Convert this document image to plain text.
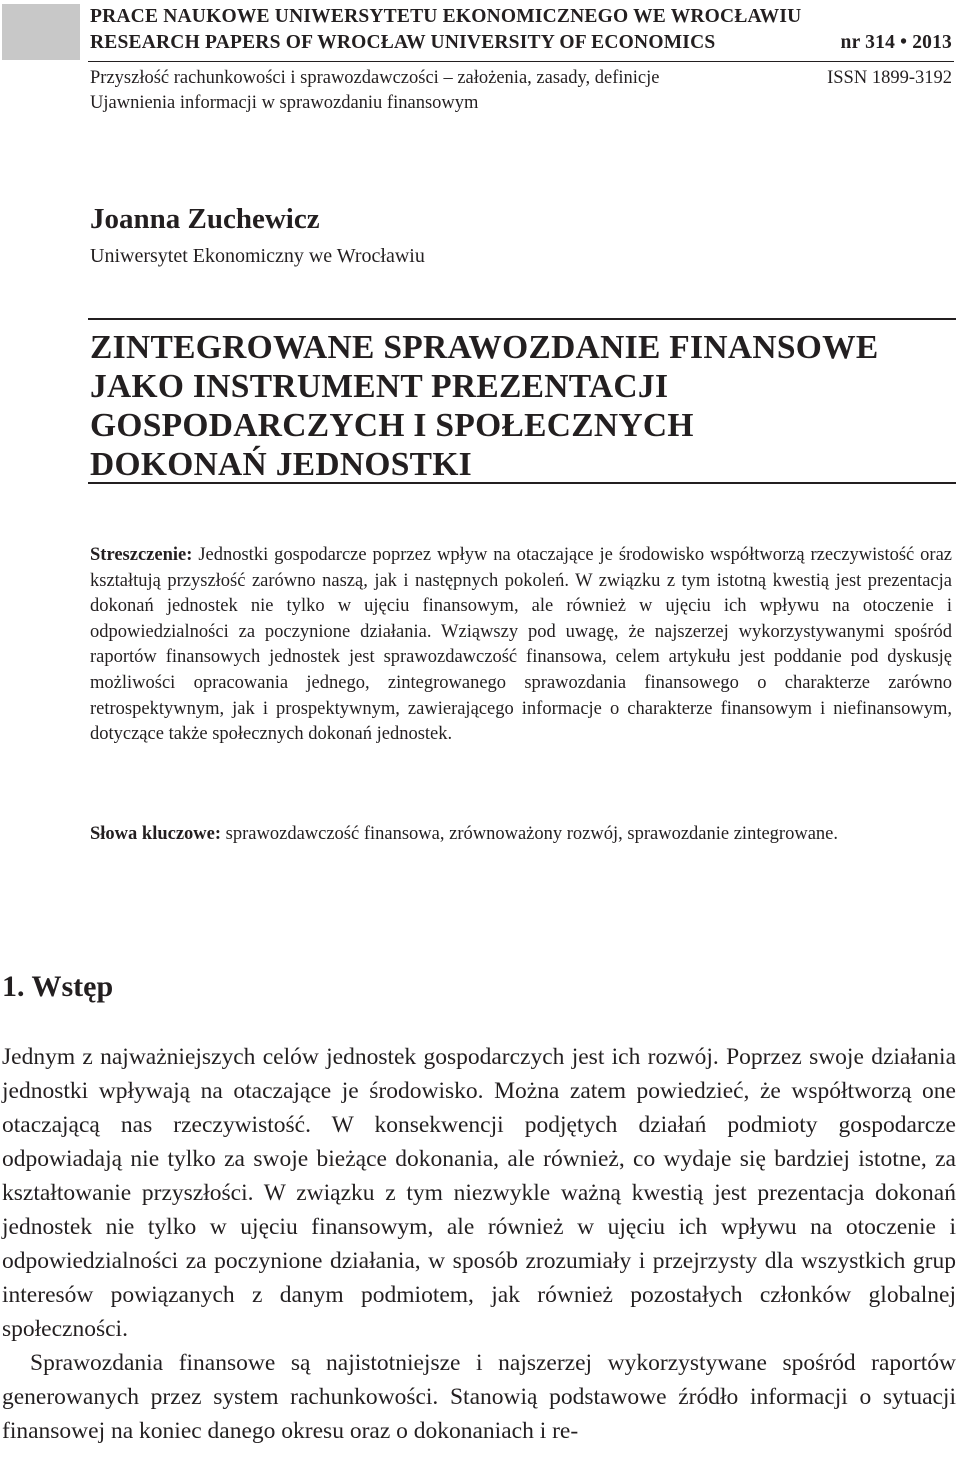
PRACE NAUKOWE UNIWERSYTETU EKONOMICZNEGO WE WROCŁAWIU
RESEARCH PAPERS OF WROCŁAW UNIVERSITY OF ECONOMICS	nr 314 • 2013
Przyszłość rachunkowości i sprawozdawczości – założenia, zasady, definicje	ISSN 1899-3192
Ujawnienia informacji w sprawozdaniu finansowym
Joanna Zuchewicz
Uniwersytet Ekonomiczny we Wrocławiu
ZINTEGROWANE SPRAWOZDANIE FINANSOWE
JAKO INSTRUMENT PREZENTACJI
GOSPODARCZYCH I SPOŁECZNYCH
DOKONAŃ JEDNOSTKI

Streszczenie: Jednostki gospodarcze poprzez wpływ na otaczające je środowisko współtworzą rzeczywistość oraz kształtują przyszłość zarówno naszą, jak i następnych pokoleń. W związku z tym istotną kwestią jest prezentacja dokonań jednostek nie tylko w ujęciu finansowym, ale również w ujęciu ich wpływu na otoczenie i odpowiedzialności za poczynione działania. Wziąwszy pod uwagę, że najszerzej wykorzystywanymi spośród raportów finansowych jednostek jest sprawozdawczość finansowa, celem artykułu jest poddanie pod dyskusję możliwości opracowania jednego, zintegrowanego sprawozdania finansowego o charakterze zarówno retrospektywnym, jak i prospektywnym, zawierającego informacje o charakterze finansowym i niefinansowym, dotyczące także społecznych dokonań jednostek.

Słowa kluczowe: sprawozdawczość finansowa, zrównoważony rozwój, sprawozdanie zintegrowane.

1. Wstęp

Jednym z najważniejszych celów jednostek gospodarczych jest ich rozwój. Poprzez swoje działania jednostki wpływają na otaczające je środowisko. Można zatem powiedzieć, że współtworzą one otaczającą nas rzeczywistość. W konsekwencji podjętych działań podmioty gospodarcze odpowiadają nie tylko za swoje bieżące dokonania, ale również, co wydaje się bardziej istotne, za kształtowanie przyszłości. W związku z tym niezwykle ważną kwestią jest prezentacja dokonań jednostek nie tylko w ujęciu finansowym, ale również w ujęciu ich wpływu na otoczenie i odpowiedzialności za poczynione działania, w sposób zrozumiały i przejrzysty dla wszystkich grup interesów powiązanych z danym podmiotem, jak również pozostałych członków globalnej społeczności.

Sprawozdania finansowe są najistotniejsze i najszerzej wykorzystywane spośród raportów generowanych przez system rachunkowości. Stanowią podstawowe źródło informacji o sytuacji finansowej na koniec danego okresu oraz o dokonaniach i re-
